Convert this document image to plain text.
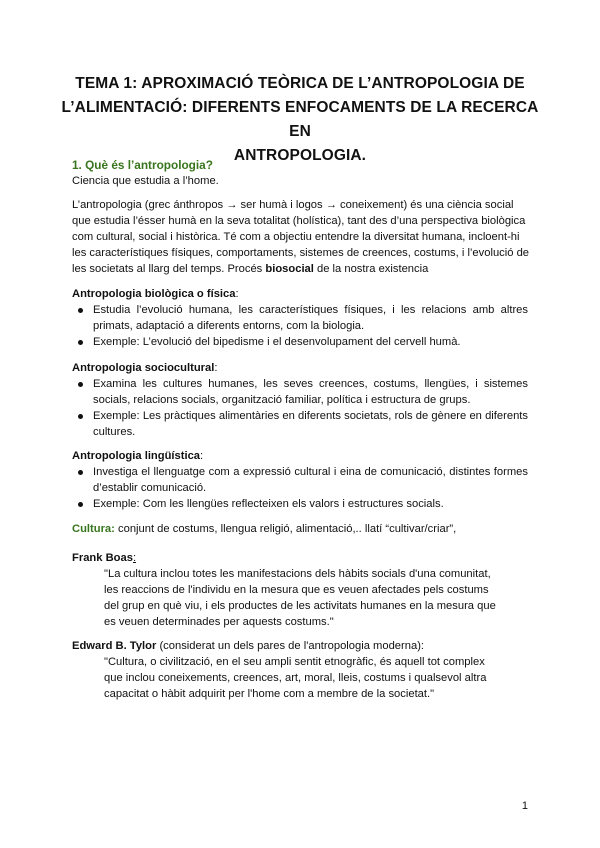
TEMA 1: APROXIMACIÓ TEÒRICA DE L’ANTROPOLOGIA DE
L’ALIMENTACIÓ: DIFERENTS ENFOCAMENTS DE LA RECERCA EN
ANTROPOLOGIA.
1. Què és l’antropologia?
Ciencia que estudia a l’home.
L’antropologia (grec ánthropos → ser humà i logos → coneixement) és una ciència social
que estudia l’ésser humà en la seva totalitat (holística), tant des d’una perspectiva biològica
com cultural, social i històrica. Té com a objectiu entendre la diversitat humana, incloent-hi
les característiques físiques, comportaments, sistemes de creences, costums, i l’evolució de
les societats al llarg del temps. Procés biosocial de la nostra existencia
Antropologia biològica o física:
Estudia l’evolució humana, les característiques físiques, i les relacions amb altres primats, adaptació a diferents entorns, com la biologia.
Exemple: L’evolució del bipedisme i el desenvolupament del cervell humà.
Antropologia sociocultural:
Examina les cultures humanes, les seves creences, costums, llengües, i sistemes socials, relacions socials, organització familiar, política i estructura de grups.
Exemple: Les pràctiques alimentàries en diferents societats, rols de gènere en diferents cultures.
Antropologia lingüística:
Investiga el llenguatge com a expressió cultural i eina de comunicació, distintes formes d’establir comunicació.
Exemple: Com les llengües reflecteixen els valors i estructures socials.
Cultura: conjunt de costums, llengua religió, alimentació,.. llatí “cultivar/criar”,
Frank Boas:
"La cultura inclou totes les manifestacions dels hàbits socials d'una comunitat,
les reaccions de l'individu en la mesura que es veuen afectades pels costums
del grup en què viu, i els productes de les activitats humanes en la mesura que
es veuen determinades per aquests costums."
Edward B. Tylor (considerat un dels pares de l'antropologia moderna):
"Cultura, o civilització, en el seu ampli sentit etnogràfic, és aquell tot complex
que inclou coneixements, creences, art, moral, lleis, costums i qualsevol altra
capacitat o hàbit adquirit per l'home com a membre de la societat."
1
